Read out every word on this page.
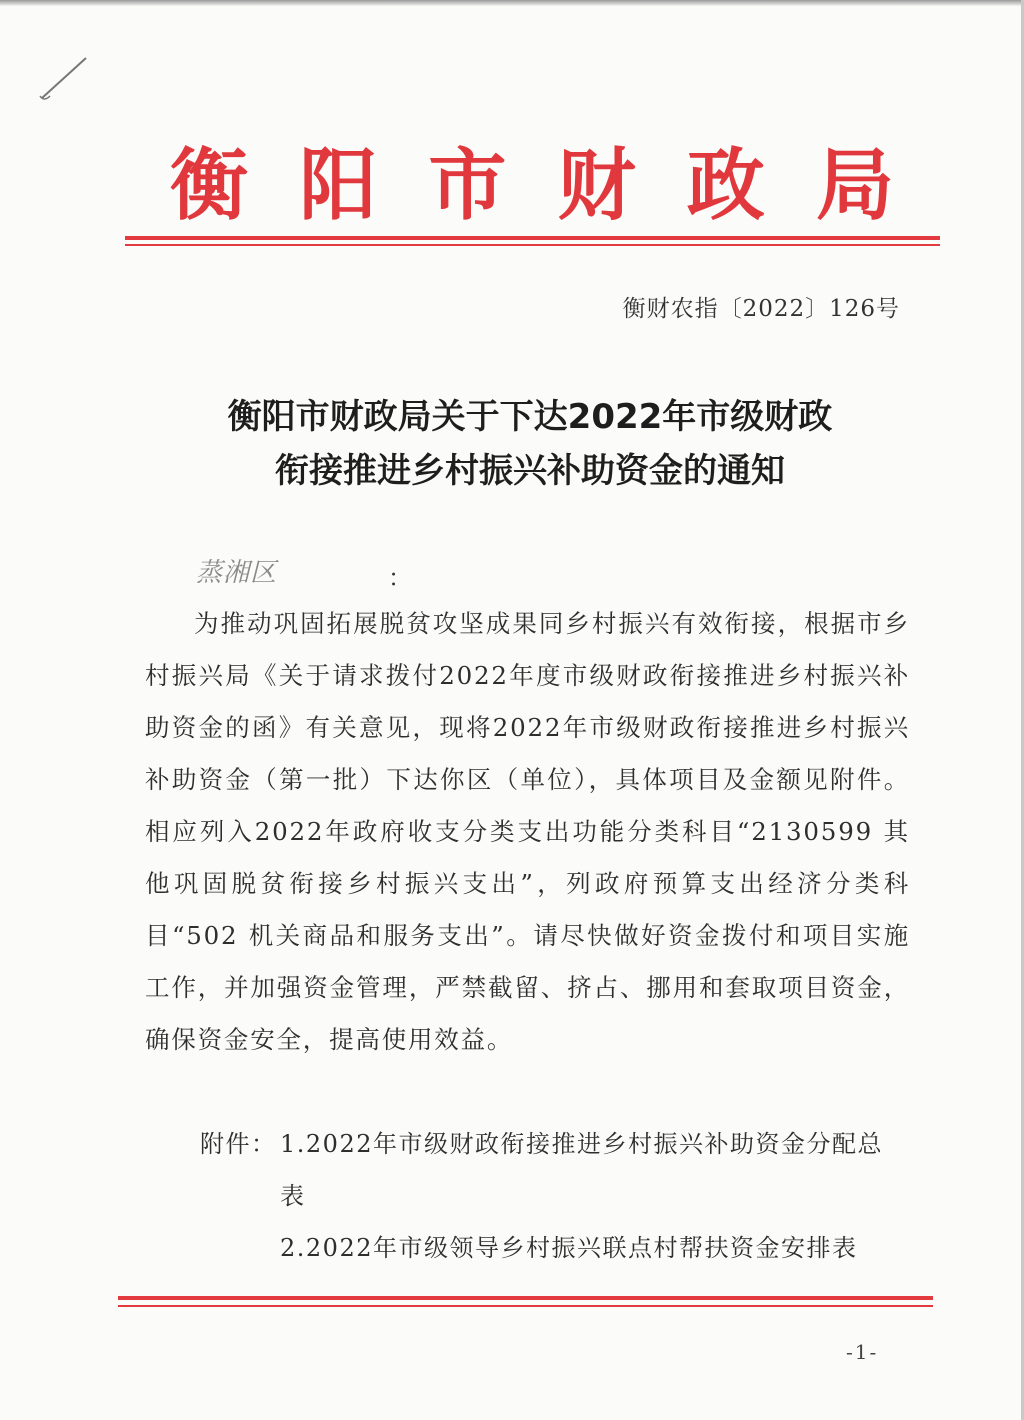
衡 阳 市 财 政 局
衡财农指〔2022〕126号
衡阳市财政局关于下达2022年市级财政
衔接推进乡村振兴补助资金的通知
蒸湘区	：
为推动巩固拓展脱贫攻坚成果同乡村振兴有效衔接，根据市乡村振兴局《关于请求拨付2022年度市级财政衔接推进乡村振兴补助资金的函》有关意见，现将2022年市级财政衔接推进乡村振兴补助资金（第一批）下达你区（单位），具体项目及金额见附件。相应列入2022年政府收支分类支出功能分类科目“2130599 其他巩固脱贫衔接乡村振兴支出”，列政府预算支出经济分类科目“502 机关商品和服务支出”。请尽快做好资金拨付和项目实施工作，并加强资金管理，严禁截留、挤占、挪用和套取项目资金，确保资金安全，提高使用效益。
附件： 1.2022年市级财政衔接推进乡村振兴补助资金分配总表
2.2022年市级领导乡村振兴联点村帮扶资金安排表
-1-
